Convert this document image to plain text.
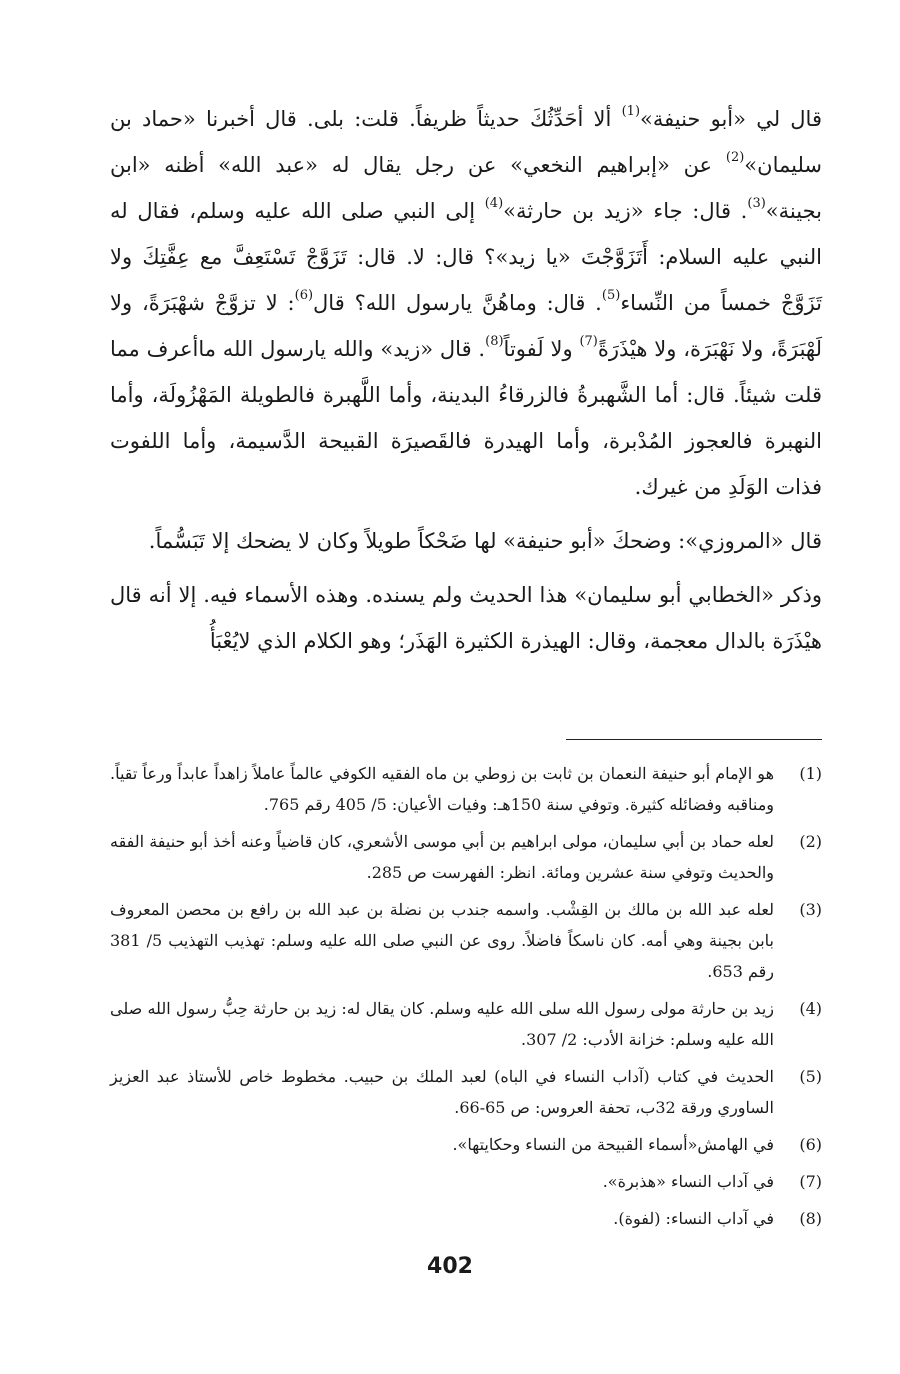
قال لي «أبو حنيفة»$^{(1)}$ ألا أحَدِّثُكَ حديثاً ظريفاً. قلت: بلى. قال أخبرنا «حماد بن سليمان»$^{(2)}$ عن «إبراهيم النخعي» عن رجل يقال له «عبد الله» أظنه «ابن بجينة»$^{(3)}$. قال: جاء «زيد بن حارثة»$^{(4)}$ إلى النبي صلى الله عليه وسلم، فقال له النبي عليه السلام: أَتَزَوَّجْتَ «يا زيد»؟ قال: لا. قال: تَزَوَّجْ تَسْتَعِفَّ مع عِفَّتِكَ ولا تَزَوَّجْ خمساً من النِّساء$^{(5)}$. قال: وماهُنَّ يارسول الله؟ قال$^{(6)}$: لا تزوَّجْ شهْبَرَةً، ولا لَهْبَرَةً، ولا نَهْبَرَة، ولا هيْذَرَةً$^{(7)}$ ولا لَفوتاً$^{(8)}$. قال «زيد» والله يارسول الله ماأعرف مما قلت شيئاً. قال: أما الشَّهبرةُ فالزرقاءُ البدينة، وأما اللَّهبرة فالطويلة المَهْزُولَة، وأما النهبرة فالعجوز المُدْبرة، وأما الهيدرة فالقَصيرَة القبيحة الدَّسيمة، وأما اللفوت فذات الوَلَدِ من غيرك.

قال «المروزي»: وضحكَ «أبو حنيفة» لها ضَحْكاً طويلاً وكان لا يضحك إلا تَبَسُّماً.

وذكر «الخطابي أبو سليمان» هذا الحديث ولم يسنده. وهذه الأسماء فيه. إلا أنه قال هيْذَرَة بالدال معجمة، وقال: الهيذرة الكثيرة الهَذَر؛ وهو الكلام الذي لايُعْبَأُ

(1)
هو الإمام أبو حنيفة النعمان بن ثابت بن زوطي بن ماه الفقيه الكوفي عالماً عاملاً زاهداً عابداً ورعاً تقياً. ومناقبه وفضائله كثيرة. وتوفي سنة 150هـ: وفيات الأعيان: 5/ 405 رقم 765.
(2)
لعله حماد بن أبي سليمان، مولى ابراهيم بن أبي موسى الأشعري، كان قاضياً وعنه أخذ أبو حنيفة الفقه والحديث وتوفي سنة عشرين ومائة. انظر: الفهرست ص 285.
(3)
لعله عبد الله بن مالك بن القِشْب. واسمه جندب بن نضلة بن عبد الله بن رافع بن محصن المعروف بابن بجينة وهي أمه. كان ناسكاً فاضلاً. روى عن النبي صلى الله عليه وسلم: تهذيب التهذيب 5/ 381 رقم 653.
(4)
زيد بن حارثة مولى رسول الله سلى الله عليه وسلم. كان يقال له: زيد بن حارثة حِبُّ رسول الله صلى الله عليه وسلم: خزانة الأدب: 2/ 307.
(5)
الحديث في كتاب (آداب النساء في الباه) لعبد الملك بن حبيب. مخطوط خاص للأستاذ عبد العزيز الساوري ورقة 32ب، تحفة العروس: ص 65-66.
(6)
في الهامش«أسماء القبيحة من النساء وحكايتها».
(7)
في آداب النساء «هذبرة».
(8)
في آداب النساء: (لفوة).
402
